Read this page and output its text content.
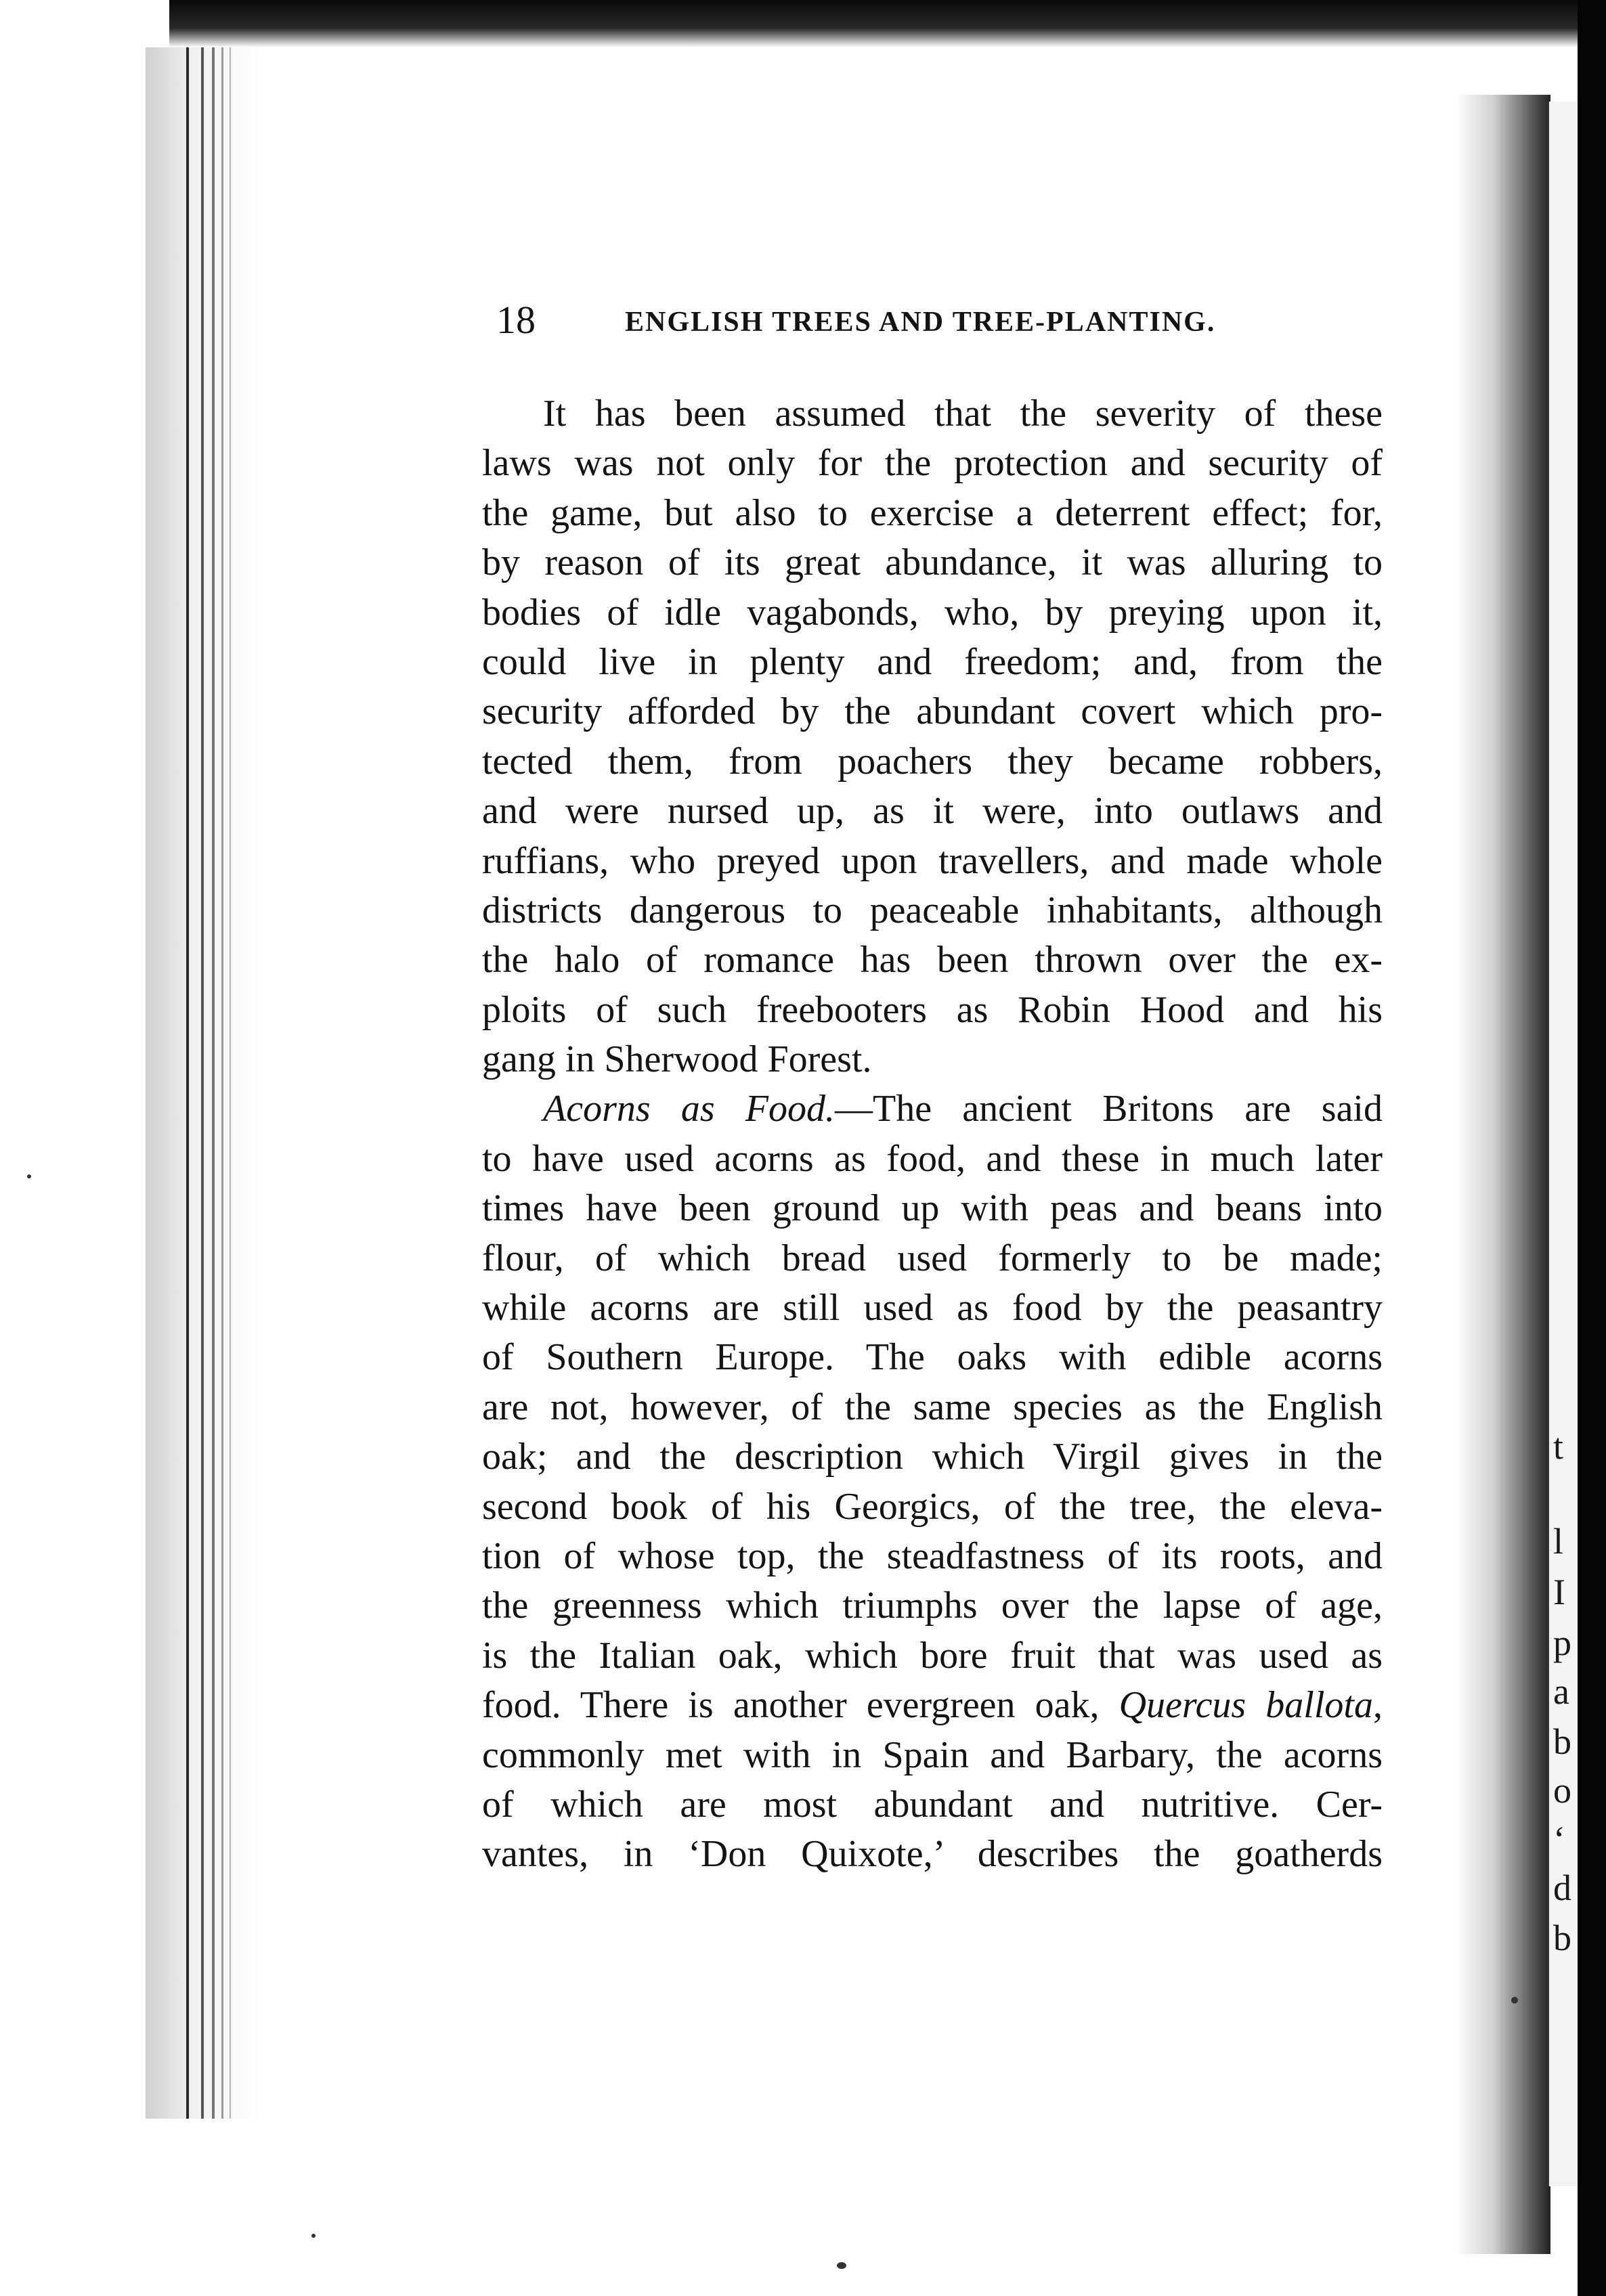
t
l
I
p
a
b
o
‘
d
b
18	ENGLISH TREES AND TREE-PLANTING.
It has been assumed that the severity of these
laws was not only for the protection and security of
the game, but also to exercise a deterrent effect; for,
by reason of its great abundance, it was alluring to
bodies of idle vagabonds, who, by preying upon it,
could live in plenty and freedom; and, from the
security afforded by the abundant covert which pro-
tected them, from poachers they became robbers,
and were nursed up, as it were, into outlaws and
ruffians, who preyed upon travellers, and made whole
districts dangerous to peaceable inhabitants, although
the halo of romance has been thrown over the ex-
ploits of such freebooters as Robin Hood and his
gang in Sherwood Forest.
Acorns as Food.—The ancient Britons are said
to have used acorns as food, and these in much later
times have been ground up with peas and beans into
flour, of which bread used formerly to be made;
while acorns are still used as food by the peasantry
of Southern Europe. The oaks with edible acorns
are not, however, of the same species as the English
oak; and the description which Virgil gives in the
second book of his Georgics, of the tree, the eleva-
tion of whose top, the steadfastness of its roots, and
the greenness which triumphs over the lapse of age,
is the Italian oak, which bore fruit that was used as
food. There is another evergreen oak, Quercus ballota,
commonly met with in Spain and Barbary, the acorns
of which are most abundant and nutritive. Cer-
vantes, in ‘Don Quixote,’ describes the goatherds
